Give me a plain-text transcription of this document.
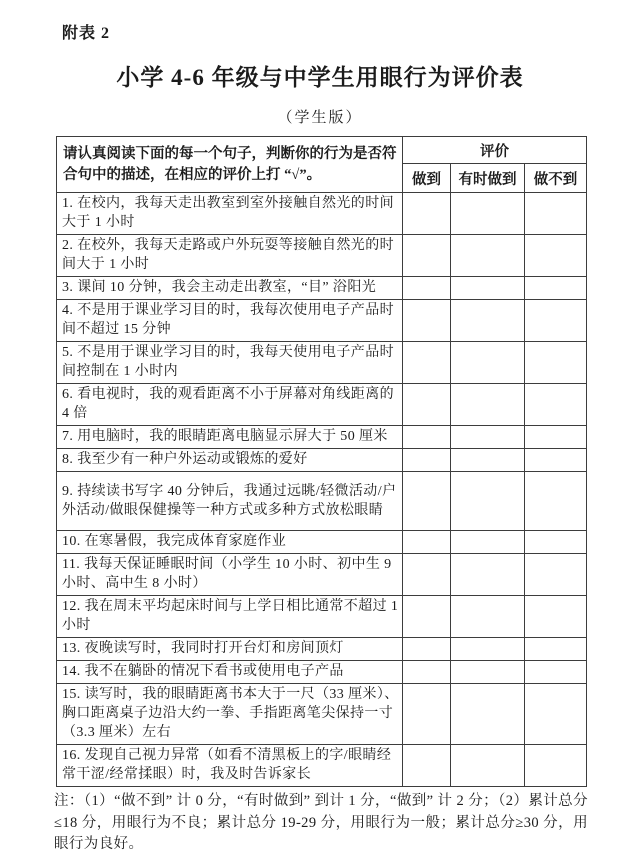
附表 2
小学 4-6 年级与中学生用眼行为评价表
（学生版）
请认真阅读下面的每一个句子，判断你的行为是否符合句中的描述，在相应的评价上打 “√”。	评价		
	做到	有时做到	做不到
1. 在校内，我每天走出教室到室外接触自然光的时间大于 1 小时			
2. 在校外，我每天走路或户外玩耍等接触自然光的时间大于 1 小时			
3. 课间 10 分钟，我会主动走出教室，“目” 浴阳光			
4. 不是用于课业学习目的时，我每次使用电子产品时间不超过 15 分钟			
5. 不是用于课业学习目的时，我每天使用电子产品时间控制在 1 小时内			
6. 看电视时，我的观看距离不小于屏幕对角线距离的 4 倍			
7. 用电脑时，我的眼睛距离电脑显示屏大于 50 厘米			
8. 我至少有一种户外运动或锻炼的爱好			
9. 持续读书写字 40 分钟后，我通过远眺/轻微活动/户外活动/做眼保健操等一种方式或多种方式放松眼睛			
10. 在寒暑假，我完成体育家庭作业			
11. 我每天保证睡眠时间（小学生 10 小时、初中生 9 小时、高中生 8 小时）			
12. 我在周末平均起床时间与上学日相比通常不超过 1 小时			
13. 夜晚读写时，我同时打开台灯和房间顶灯			
14. 我不在躺卧的情况下看书或使用电子产品			
15. 读写时，我的眼睛距离书本大于一尺（33 厘米）、胸口距离桌子边沿大约一拳、手指距离笔尖保持一寸（3.3 厘米）左右			
16. 发现自己视力异常（如看不清黑板上的字/眼睛经常干涩/经常揉眼）时，我及时告诉家长			
注：（1）“做不到” 计 0 分，“有时做到” 到计 1 分，“做到” 计 2 分；（2）累计总分≤18 分，用眼行为不良；累计总分 19-29 分，用眼行为一般；累计总分≥30 分，用眼行为良好。
